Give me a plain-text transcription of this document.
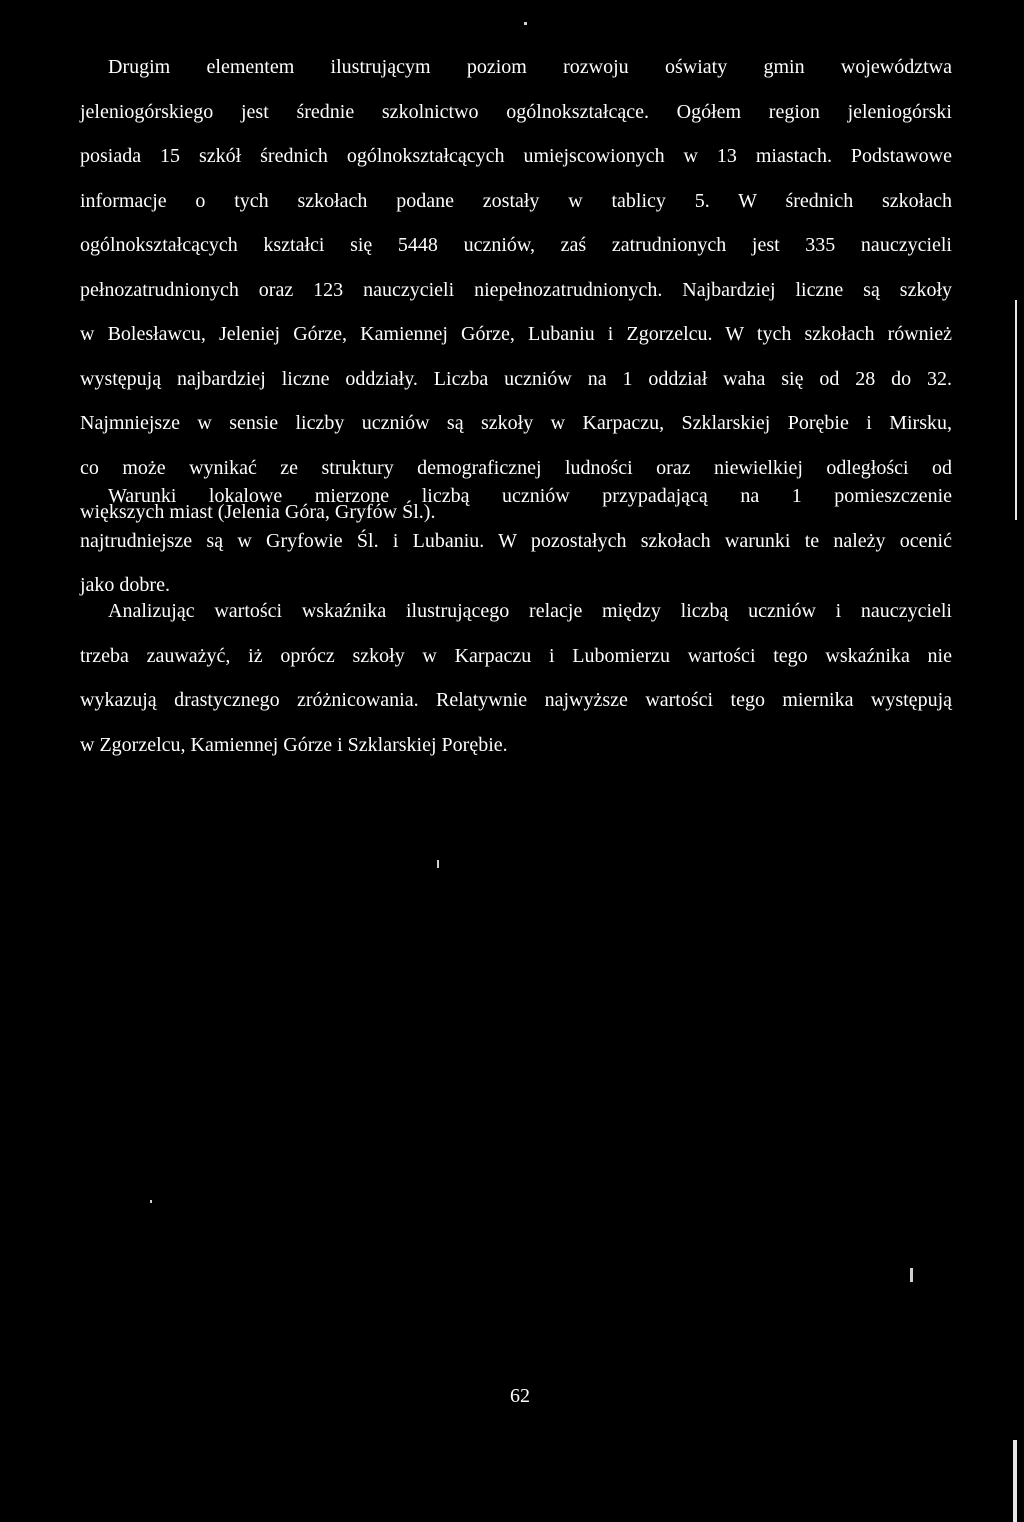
Drugim elementem ilustrującym poziom rozwoju oświaty gmin województwa
jeleniogórskiego jest średnie szkolnictwo ogólnokształcące. Ogółem region jeleniogórski
posiada 15 szkół średnich ogólnokształcących umiejscowionych w 13 miastach. Podstawowe
informacje o tych szkołach podane zostały w tablicy 5. W średnich szkołach
ogólnokształcących kształci się 5448 uczniów, zaś zatrudnionych jest 335 nauczycieli
pełnozatrudnionych oraz 123 nauczycieli niepełnozatrudnionych. Najbardziej liczne są szkoły
w Bolesławcu, Jeleniej Górze, Kamiennej Górze, Lubaniu i Zgorzelcu. W tych szkołach również
występują najbardziej liczne oddziały. Liczba uczniów na 1 oddział waha się od 28 do 32.
Najmniejsze w sensie liczby uczniów są szkoły w Karpaczu, Szklarskiej Porębie i Mirsku,
co może wynikać ze struktury demograficznej ludności oraz niewielkiej odległości od
większych miast (Jelenia Góra, Gryfów Śl.).
Warunki lokalowe mierzone liczbą uczniów przypadającą na 1 pomieszczenie
najtrudniejsze są w Gryfowie Śl. i Lubaniu. W pozostałych szkołach warunki te należy ocenić
jako dobre.
Analizując wartości wskaźnika ilustrującego relacje między liczbą uczniów i nauczycieli
trzeba zauważyć, iż oprócz szkoły w Karpaczu i Lubomierzu wartości tego wskaźnika nie
wykazują drastycznego zróżnicowania. Relatywnie najwyższe wartości tego miernika występują
w Zgorzelcu, Kamiennej Górze i Szklarskiej Porębie.
62
